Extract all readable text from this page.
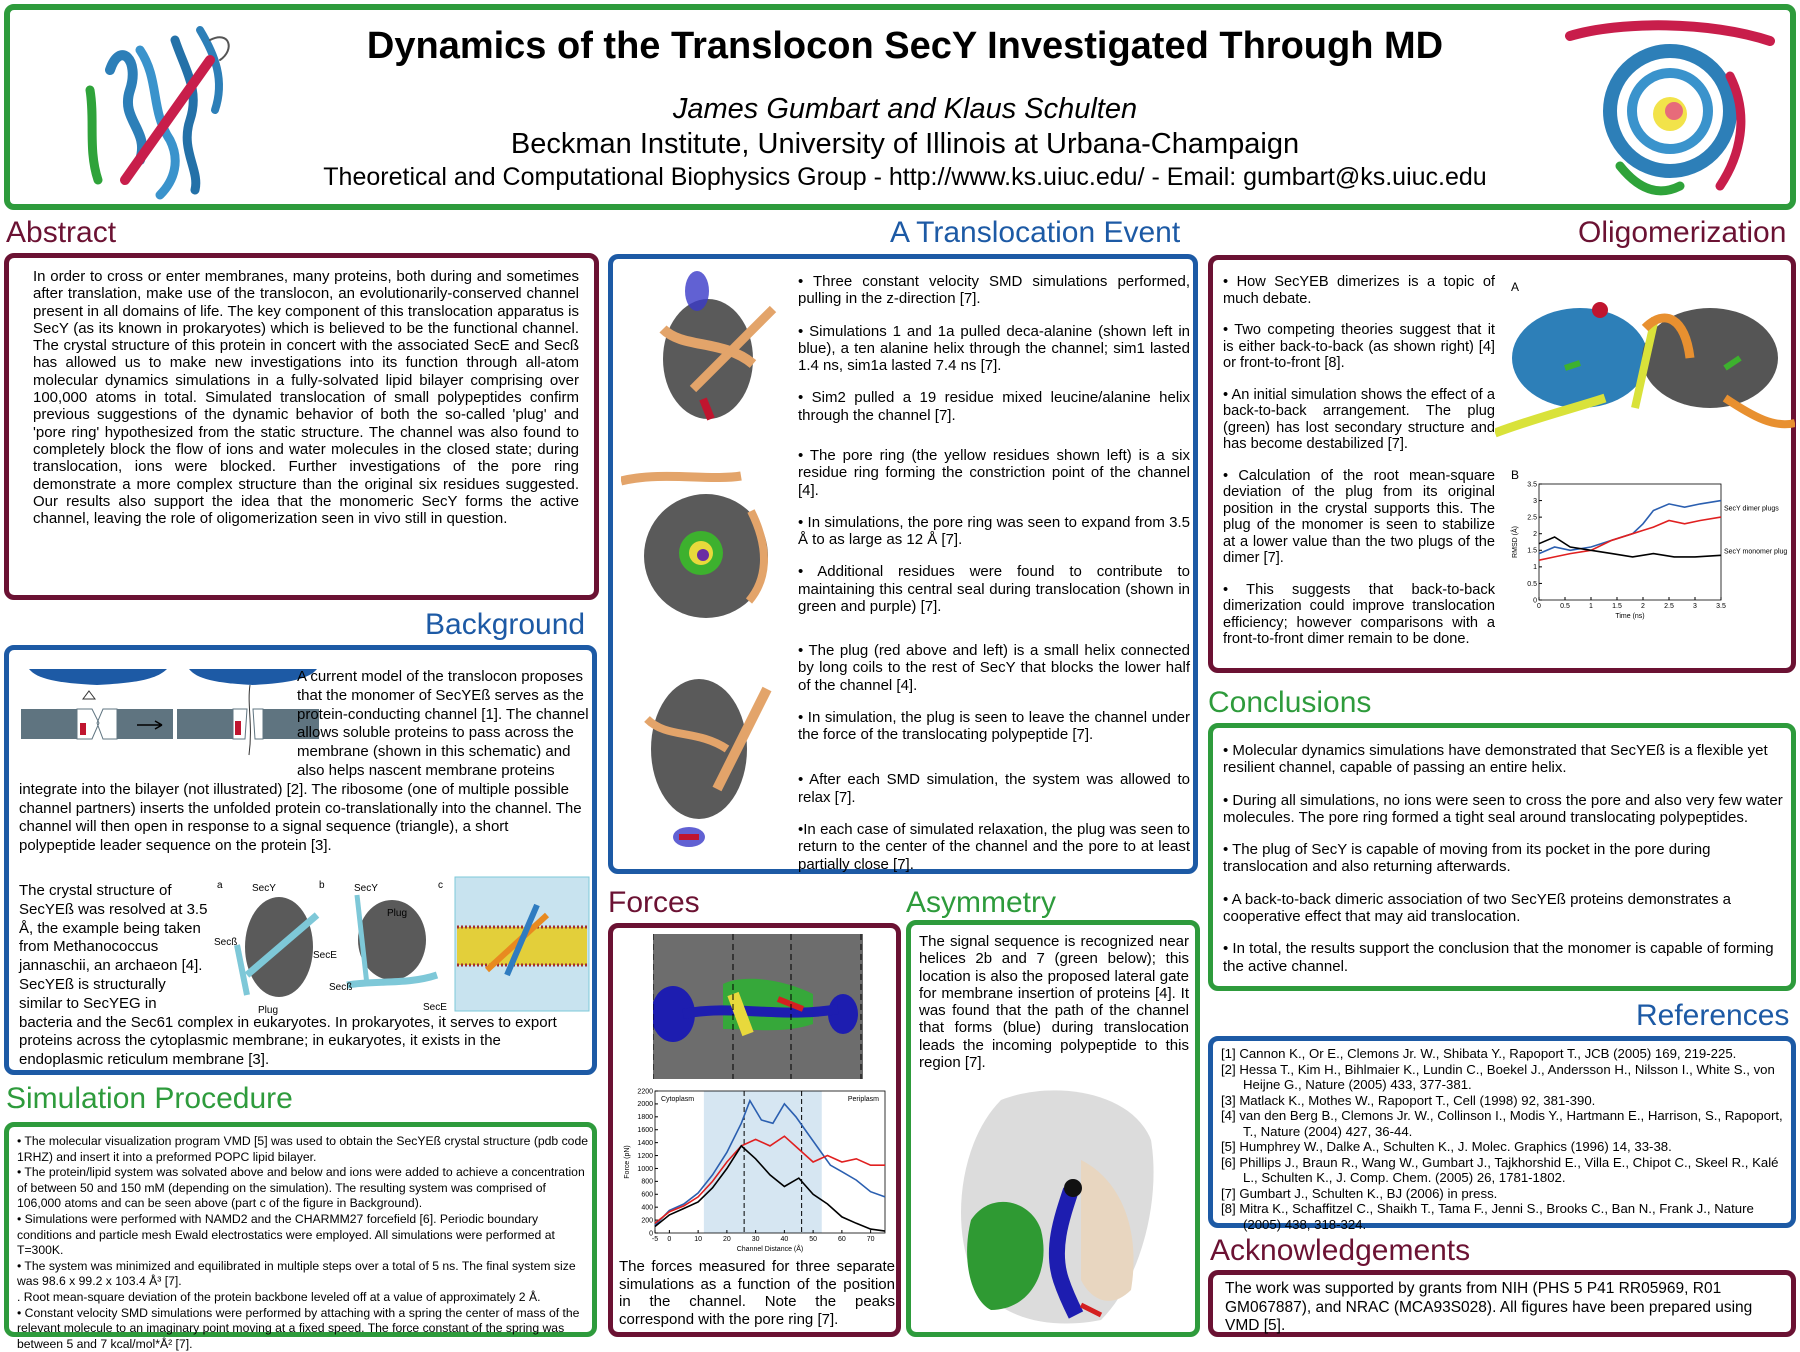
Dynamics of the Translocon SecY Investigated Through MD
James Gumbart and Klaus Schulten
Beckman Institute, University of Illinois at Urbana-Champaign
Theoretical and Computational Biophysics Group - http://www.ks.uiuc.edu/ - Email: gumbart@ks.uiuc.edu
Abstract
In order to cross or enter membranes, many proteins, both during and sometimes after translation, make use of the translocon, an evolutionarily-conserved channel present in all domains of life. The key component of this translocation apparatus is SecY (as its known in prokaryotes) which is believed to be the functional channel. The crystal structure of this protein in concert with the associated SecE and Secß has allowed us to make new investigations into its function through all-atom molecular dynamics simulations in a fully-solvated lipid bilayer comprising over 100,000 atoms in total. Simulated translocation of small polypeptides confirm previous suggestions of the dynamic behavior of both the so-called 'plug' and 'pore ring' hypothesized from the static structure. The channel was also found to completely block the flow of ions and water molecules in the closed state; during translocation, ions were blocked. Further investigations of the pore ring demonstrate a more complex structure than the original six residues suggested. Our results also support the idea that the monomeric SecY forms the active channel, leaving the role of oligomerization seen in vivo still in question.
Background
A current model of the translocon proposes that the monomer of SecYEß serves as the protein-conducting channel [1]. The channel allows soluble proteins to pass across the membrane (shown in this schematic) and also helps nascent membrane proteins integrate into the bilayer (not illustrated) [2]. The ribosome (one of multiple possible channel partners) inserts the unfolded protein co-translationally into the channel. The channel will then open in response to a signal sequence (triangle), a short polypeptide leader sequence on the protein [3].
The crystal structure of SecYEß was resolved at 3.5 Å, the example being taken from Methanococcus jannaschii, an archaeon [4]. SecYEß is structurally similar to SecYEG in bacteria and the Sec61 complex in eukaryotes. In prokaryotes, it serves to export proteins across the cytoplasmic membrane; in eukaryotes, it exists in the endoplasmic reticulum membrane [3].
a	b	c
SecY	SecY
Plug
Secß
SecE
Secß
Plug	SecE
Simulation Procedure

• The molecular visualization program VMD [5] was used to obtain the SecYEß crystal structure (pdb code 1RHZ) and insert it into a preformed POPC lipid bilayer.

• The protein/lipid system was solvated above and below and ions were added to achieve a concentration of between 50 and 150 mM (depending on the simulation). The resulting system was comprised of 106,000 atoms and can be seen above (part c of the figure in Background).

• Simulations were performed with NAMD2 and the CHARMM27 forcefield [6]. Periodic boundary conditions and particle mesh Ewald electrostatics were employed. All simulations were performed at T=300K.

• The system was minimized and equilibrated in multiple steps over a total of 5 ns. The final system size was 98.6 x 99.2 x 103.4 Å³ [7].

. Root mean-square deviation of the protein backbone leveled off at a value of approximately 2 Å.

• Constant velocity SMD simulations were performed by attaching with a spring the center of mass of the relevant molecule to an imaginary point moving at a fixed speed. The force constant of the spring was between 5 and 7 kcal/mol*Å² [7].

A Translocation Event

• Three constant velocity SMD simulations performed, pulling in the z-direction [7].

• Simulations 1 and 1a pulled deca-alanine (shown left in blue), a ten alanine helix through the channel; sim1 lasted 1.4 ns, sim1a lasted 7.4 ns [7].

• Sim2 pulled a 19 residue mixed leucine/alanine helix through the channel [7].

• The pore ring (the yellow residues shown left) is a six residue ring forming the constriction point of the channel [4].

• In simulations, the pore ring was seen to expand from 3.5 Å to as large as 12 Å [7].

• Additional residues were found to contribute to maintaining this central seal during translocation (shown in green and purple) [7].

• The plug (red above and left) is a small helix connected by long coils to the rest of SecY that blocks the lower half of the channel [4].

• In simulation, the plug is seen to leave the channel under the force of the translocating polypeptide [7].

• After each SMD simulation, the system was allowed to relax [7].

•In each case of simulated relaxation, the plug was seen to return to the center of the channel and the pore to at least partially close [7].

Forces
-5 0	10	20	30	40	50	60	70
0
200
400
600
800
1000
1200
1400
1600
1800
2000
2200
Channel Distance (Å)
Force (pN)
Cytoplasm	Periplasm
The forces measured for three separate simulations as a function of the position in the channel. Note the peaks correspond with the pore ring [7].
Asymmetry
The signal sequence is recognized near helices 2b and 7 (green below); this location is also the proposed lateral gate for membrane insertion of proteins [4]. It was found that the path of the channel that forms (blue) during translocation leads the incoming polypeptide to this region [7].
Oligomerization

• How SecYEB dimerizes is a topic of much debate.

• Two competing theories suggest that it is either back-to-back (as shown right) [4] or front-to-front [8].

• An initial simulation shows the effect of a back-to-back arrangement. The plug (green) has lost secondary structure and has become destabilized [7].

• Calculation of the root mean-square deviation of the plug from its original position in the crystal supports this. The plug of the monomer is seen to stabilize at a lower value than the two plugs of the dimer [7].

• This suggests that back-to-back dimerization could improve translocation efficiency; however comparisons with a front-to-front dimer remain to be done.

A
B
0	0.5	1	1.5	2	2.5	3	3.5
0
0.5
1
1.5
2
2.5
3
3.5
Time (ns)
RMSD (Å)
SecY dimer plugs
SecY monomer plug
Conclusions

• Molecular dynamics simulations have demonstrated that SecYEß is a flexible yet resilient channel, capable of passing an entire helix.

• During all simulations, no ions were seen to cross the pore and also very few water molecules. The pore ring formed a tight seal around translocating polypeptides.

• The plug of SecY is capable of moving from its pocket in the pore during translocation and also returning afterwards.

• A back-to-back dimeric association of two SecYEß proteins demonstrates a cooperative effect that may aid translocation.

• In total, the results support the conclusion that the monomer is capable of forming the active channel.

References

[1] Cannon K., Or E., Clemons Jr. W., Shibata Y., Rapoport T., JCB (2005) 169, 219-225.

[2] Hessa T., Kim H., Bihlmaier K., Lundin C., Boekel J., Andersson H., Nilsson I., White S., von Heijne G., Nature (2005) 433, 377-381.

[3] Matlack K., Mothes W., Rapoport T., Cell (1998) 92, 381-390.

[4] van den Berg B., Clemons Jr. W., Collinson I., Modis Y., Hartmann E., Harrison, S., Rapoport, T., Nature (2004) 427, 36-44.

[5] Humphrey W., Dalke A., Schulten K., J. Molec. Graphics (1996) 14, 33-38.

[6] Phillips J., Braun R., Wang W., Gumbart J., Tajkhorshid E., Villa E., Chipot C., Skeel R., Kalé L., Schulten K., J. Comp. Chem. (2005) 26, 1781-1802.

[7] Gumbart J., Schulten K., BJ (2006) in press.

[8] Mitra K., Schaffitzel C., Shaikh T., Tama F., Jenni S., Brooks C., Ban N., Frank J., Nature (2005) 438, 318-324.

Acknowledgements
The work was supported by grants from NIH (PHS 5 P41 RR05969, R01 GM067887), and NRAC (MCA93S028). All figures have been prepared using VMD [5].
